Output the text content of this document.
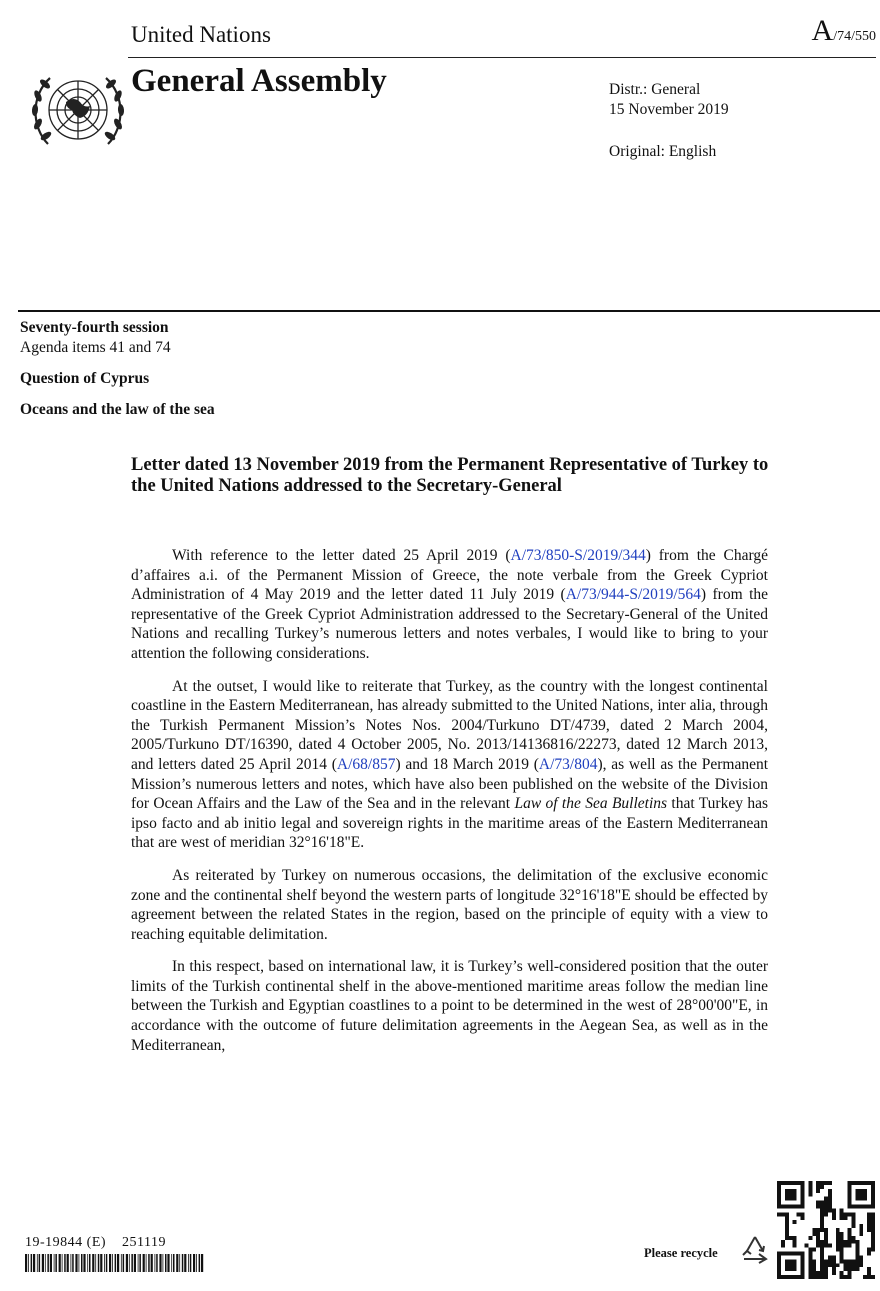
United Nations	A/74/550
General Assembly	Distr.: General
15 November 2019
Original: English
Seventy-fourth session
Agenda items 41 and 74
Question of Cyprus
Oceans and the law of the sea
Letter dated 13 November 2019 from the Permanent Representative of Turkey to the United Nations addressed to the Secretary-General

With reference to the letter dated 25 April 2019 (A/73/850-S/2019/344) from the Chargé d’affaires a.i. of the Permanent Mission of Greece, the note verbale from the Greek Cypriot Administration of 4 May 2019 and the letter dated 11 July 2019 (A/73/944-S/2019/564) from the representative of the Greek Cypriot Administration addressed to the Secretary-General of the United Nations and recalling Turkey’s numerous letters and notes verbales, I would like to bring to your attention the following considerations.

At the outset, I would like to reiterate that Turkey, as the country with the longest continental coastline in the Eastern Mediterranean, has already submitted to the United Nations, inter alia, through the Turkish Permanent Mission’s Notes Nos. 2004/Turkuno DT/4739, dated 2 March 2004, 2005/Turkuno DT/16390, dated 4 October 2005, No. 2013/14136816/22273, dated 12 March 2013, and letters dated 25 April 2014 (A/68/857) and 18 March 2019 (A/73/804), as well as the Permanent Mission’s numerous letters and notes, which have also been published on the website of the Division for Ocean Affairs and the Law of the Sea and in the relevant Law of the Sea Bulletins that Turkey has ipso facto and ab initio legal and sovereign rights in the maritime areas of the Eastern Mediterranean that are west of meridian 32°16'18"E.

As reiterated by Turkey on numerous occasions, the delimitation of the exclusive economic zone and the continental shelf beyond the western parts of longitude 32°16'18"E should be effected by agreement between the related States in the region, based on the principle of equity with a view to reaching equitable delimitation.

In this respect, based on international law, it is Turkey’s well-considered position that the outer limits of the Turkish continental shelf in the above-mentioned maritime areas follow the median line between the Turkish and Egyptian coastlines to a point to be determined in the west of 28°00'00"E, in accordance with the outcome of future delimitation agreements in the Aegean Sea, as well as in the Mediterranean,

19-19844 (E)    251119
Please recycle
